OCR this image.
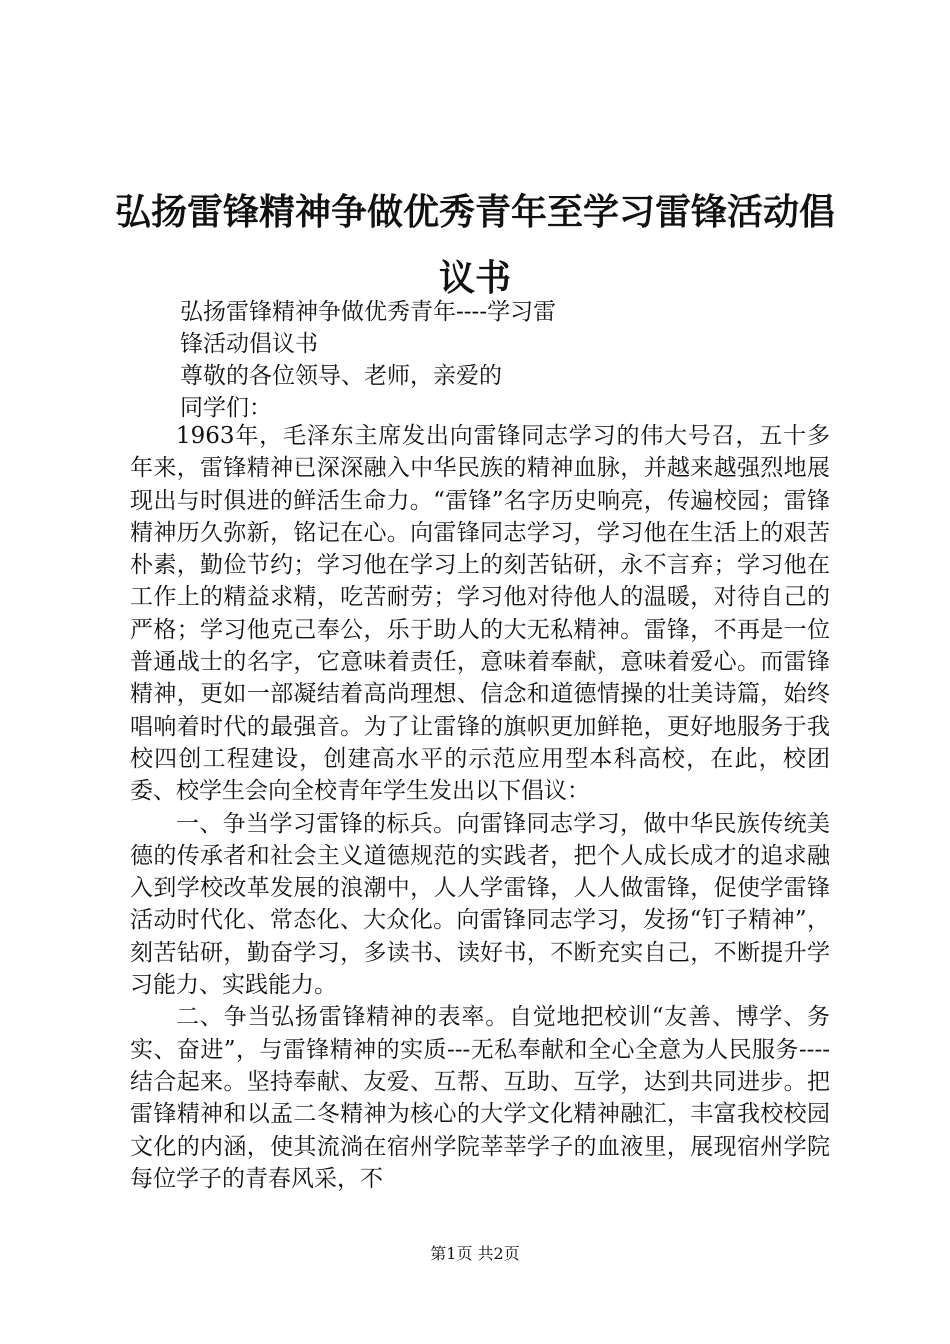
弘扬雷锋精神争做优秀青年至学习雷锋活动倡议书

弘扬雷锋精神争做优秀青年----学习雷

锋活动倡议书

尊敬的各位领导、老师，亲爱的

同学们：

1963年，毛泽东主席发出向雷锋同志学习的伟大号召，五十多年来，雷锋精神已深深融入中华民族的精神血脉，并越来越强烈地展现出与时俱进的鲜活生命力。“雷锋”名字历史响亮，传遍校园；雷锋精神历久弥新，铭记在心。向雷锋同志学习，学习他在生活上的艰苦朴素，勤俭节约；学习他在学习上的刻苦钻研，永不言弃；学习他在工作上的精益求精，吃苦耐劳；学习他对待他人的温暖，对待自己的严格；学习他克己奉公，乐于助人的大无私精神。雷锋，不再是一位普通战士的名字，它意味着责任，意味着奉献，意味着爱心。而雷锋精神，更如一部凝结着高尚理想、信念和道德情操的壮美诗篇，始终唱响着时代的最强音。为了让雷锋的旗帜更加鲜艳，更好地服务于我校四创工程建设，创建高水平的示范应用型本科高校，在此，校团委、校学生会向全校青年学生发出以下倡议：

一、争当学习雷锋的标兵。向雷锋同志学习，做中华民族传统美德的传承者和社会主义道德规范的实践者，把个人成长成才的追求融入到学校改革发展的浪潮中，人人学雷锋，人人做雷锋，促使学雷锋活动时代化、常态化、大众化。向雷锋同志学习，发扬“钉子精神”，刻苦钻研，勤奋学习，多读书、读好书，不断充实自己，不断提升学习能力、实践能力。

二、争当弘扬雷锋精神的表率。自觉地把校训“友善、博学、务实、奋进”，与雷锋精神的实质---无私奉献和全心全意为人民服务----结合起来。坚持奉献、友爱、互帮、互助、互学，达到共同进步。把雷锋精神和以孟二冬精神为核心的大学文化精神融汇，丰富我校校园文化的内涵，使其流淌在宿州学院莘莘学子的血液里，展现宿州学院每位学子的青春风采，不

第1页 共2页
